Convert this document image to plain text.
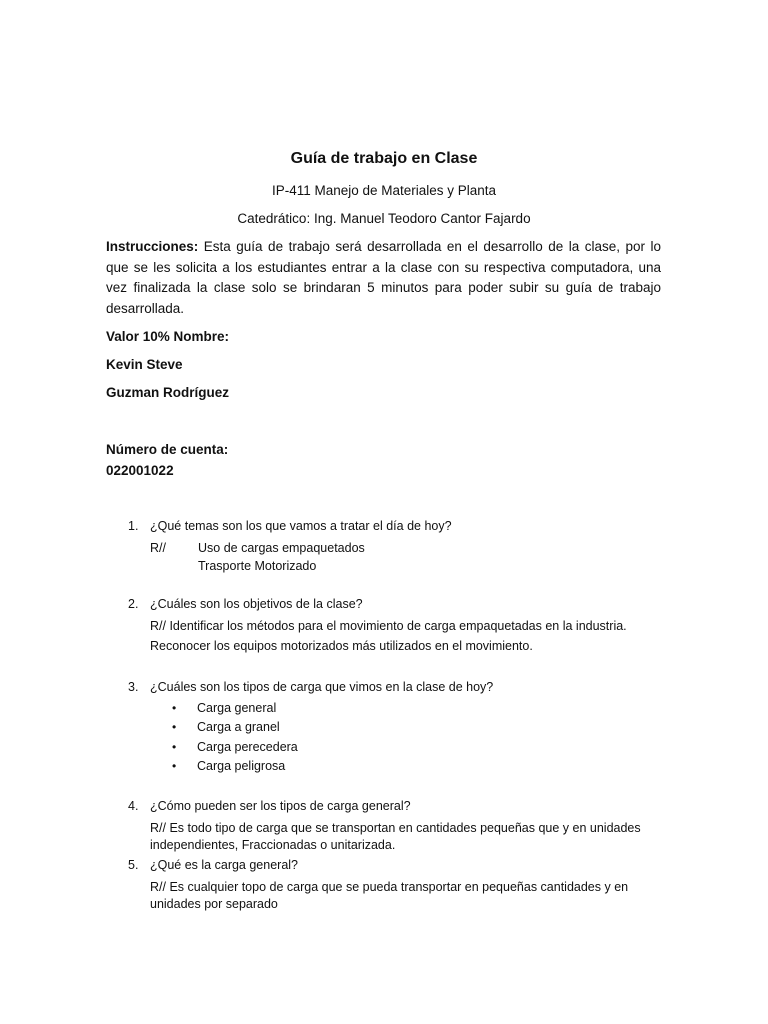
Guía de trabajo en Clase
IP-411 Manejo de Materiales y Planta
Catedrático: Ing. Manuel Teodoro Cantor Fajardo
Instrucciones: Esta guía de trabajo será desarrollada en el desarrollo de la clase, por lo que se les solicita a los estudiantes entrar a la clase con su respectiva computadora, una vez finalizada la clase solo se brindaran 5 minutos para poder subir su guía de trabajo desarrollada.
Valor 10% Nombre:
Kevin Steve
Guzman Rodríguez
Número de cuenta:
022001022
1. ¿Qué temas son los que vamos a tratar el día de hoy?
R//	Uso de cargas empaquetados
Trasporte Motorizado
2. ¿Cuáles son los objetivos de la clase?
R// Identificar los métodos para el movimiento de carga empaquetadas en la industria.
Reconocer los equipos motorizados más utilizados en el movimiento.
3. ¿Cuáles son los tipos de carga que vimos en la clase de hoy?
• Carga general
• Carga a granel
• Carga perecedera
• Carga peligrosa
4. ¿Cómo pueden ser los tipos de carga general?
R// Es todo tipo de carga que se transportan en cantidades pequeñas que y en unidades
independientes, Fraccionadas o unitarizada.
5. ¿Qué es la carga general?
R// Es cualquier topo de carga que se pueda transportar en pequeñas cantidades y en
unidades por separado
